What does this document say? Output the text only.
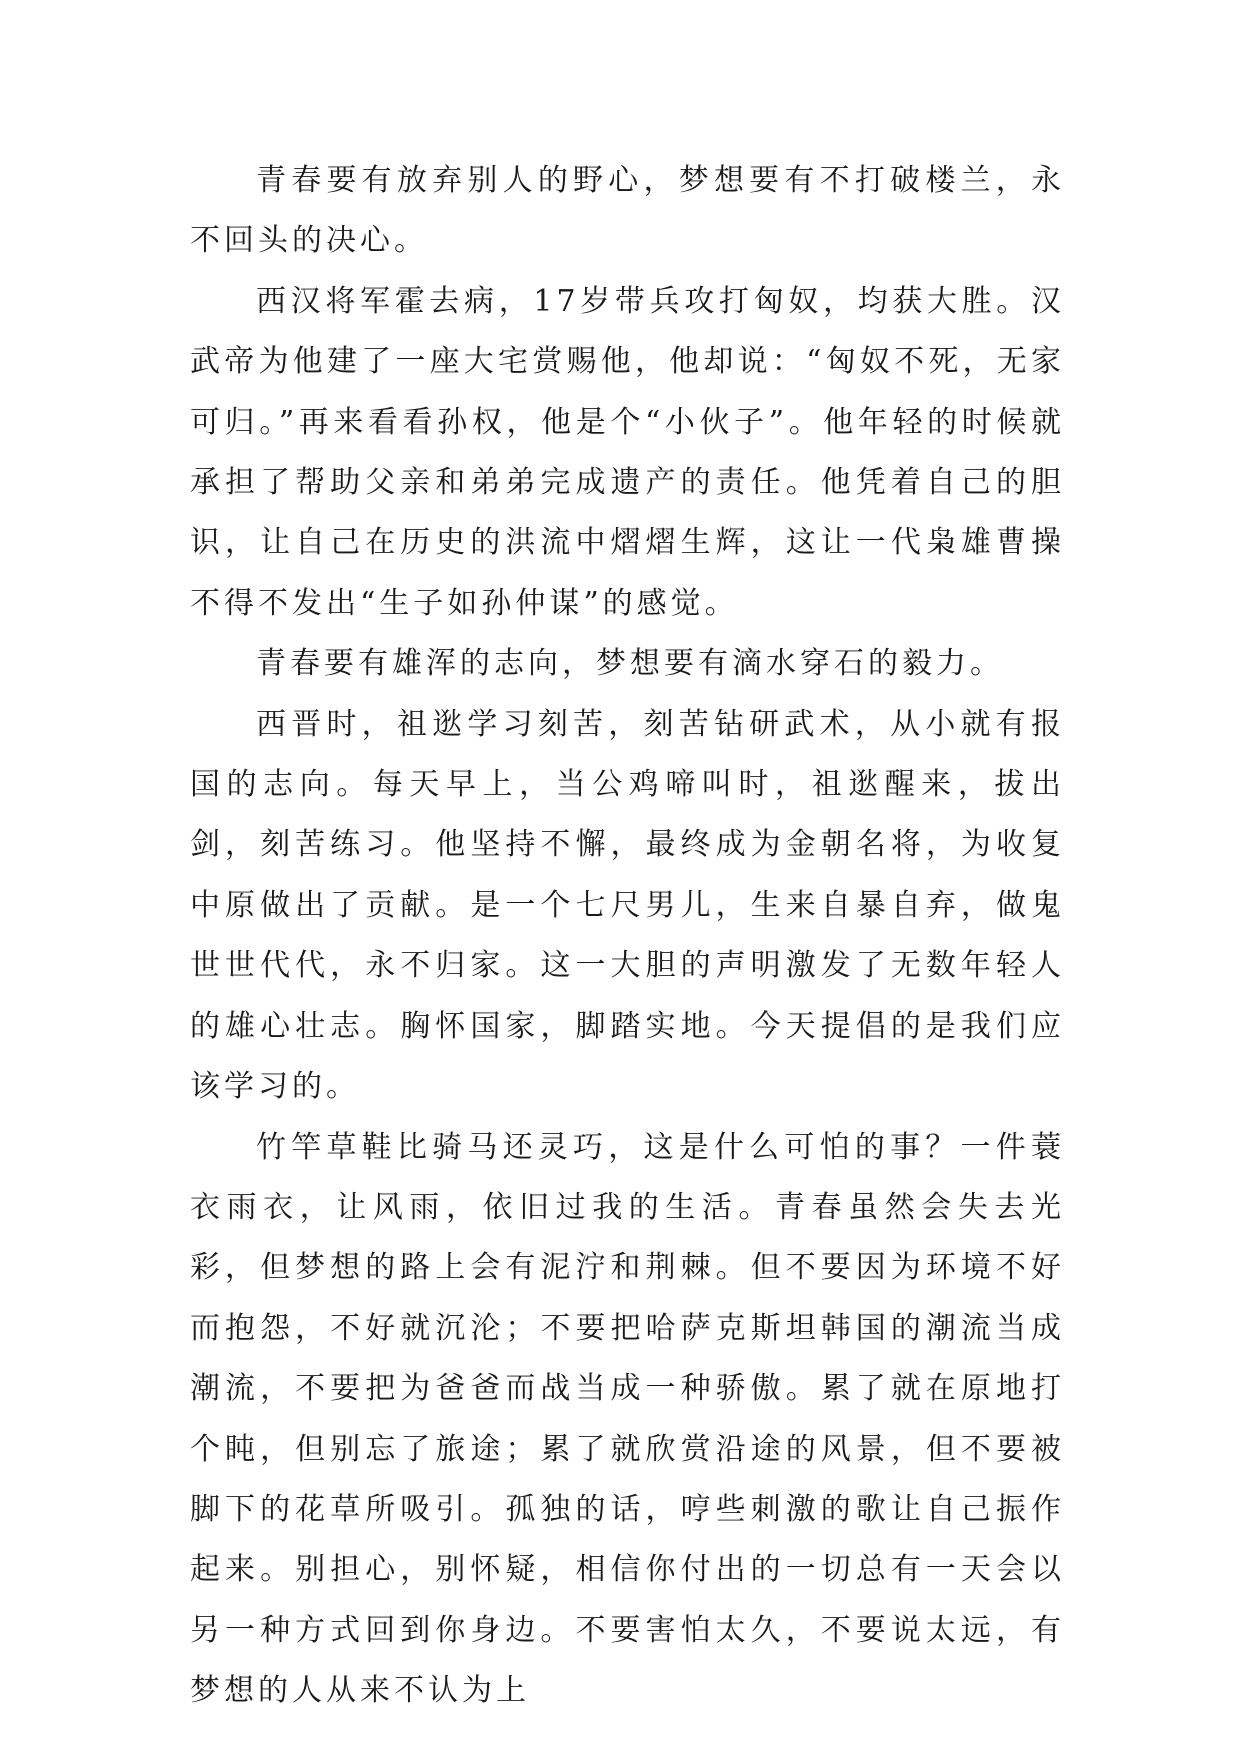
青春要有放弃别人的野心，梦想要有不打破楼兰，永不回头的决心。

西汉将军霍去病，17岁带兵攻打匈奴，均获大胜。汉武帝为他建了一座大宅赏赐他，他却说：“匈奴不死，无家可归。”再来看看孙权，他是个“小伙子”。他年轻的时候就承担了帮助父亲和弟弟完成遗产的责任。他凭着自己的胆识，让自己在历史的洪流中熠熠生辉，这让一代枭雄曹操不得不发出“生子如孙仲谋”的感觉。

青春要有雄浑的志向，梦想要有滴水穿石的毅力。

西晋时，祖逖学习刻苦，刻苦钻研武术，从小就有报国的志向。每天早上，当公鸡啼叫时，祖逖醒来，拔出剑，刻苦练习。他坚持不懈，最终成为金朝名将，为收复中原做出了贡献。是一个七尺男儿，生来自暴自弃，做鬼世世代代，永不归家。这一大胆的声明激发了无数年轻人的雄心壮志。胸怀国家，脚踏实地。今天提倡的是我们应该学习的。

竹竿草鞋比骑马还灵巧，这是什么可怕的事？一件蓑衣雨衣，让风雨，依旧过我的生活。青春虽然会失去光彩，但梦想的路上会有泥泞和荆棘。但不要因为环境不好而抱怨，不好就沉沦；不要把哈萨克斯坦韩国的潮流当成潮流，不要把为爸爸而战当成一种骄傲。累了就在原地打个盹，但别忘了旅途；累了就欣赏沿途的风景，但不要被脚下的花草所吸引。孤独的话，哼些刺激的歌让自己振作起来。别担心，别怀疑，相信你付出的一切总有一天会以另一种方式回到你身边。不要害怕太久，不要说太远，有梦想的人从来不认为上
